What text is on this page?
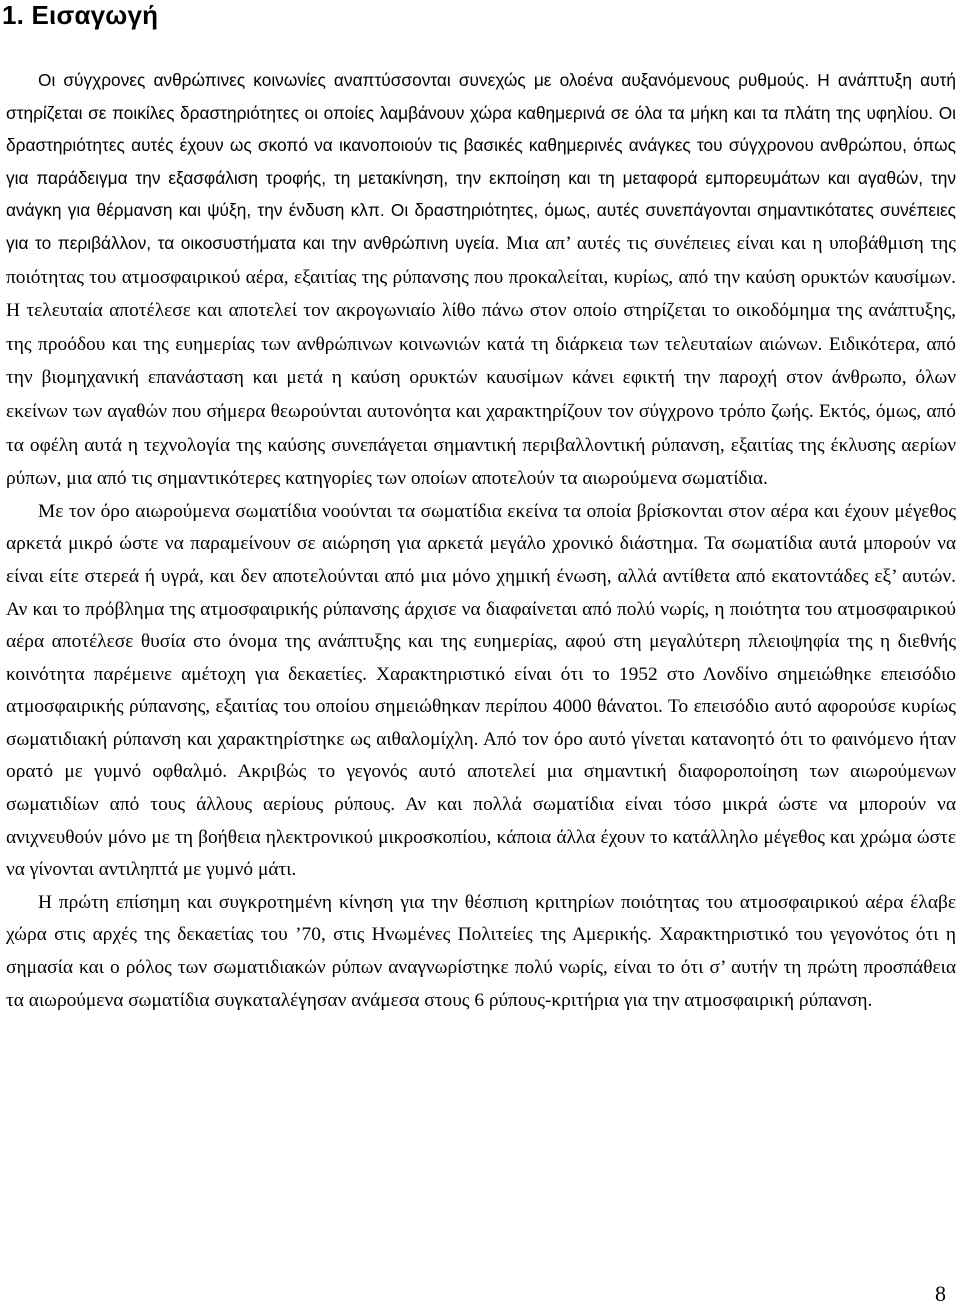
1. Εισαγωγή

Οι σύγχρονες ανθρώπινες κοινωνίες αναπτύσσονται συνεχώς με ολοένα αυξανόμενους ρυθμούς. Η ανάπτυξη αυτή στηρίζεται σε ποικίλες δραστηριότητες οι οποίες λαμβάνουν χώρα καθημερινά σε όλα τα μήκη και τα πλάτη της υφηλίου. Οι δραστηριότητες αυτές έχουν ως σκοπό να ικανοποιούν τις βασικές καθημερινές ανάγκες του σύγχρονου ανθρώπου, όπως για παράδειγμα την εξασφάλιση τροφής, τη μετακίνηση, την εκποίηση και τη μεταφορά εμπορευμάτων και αγαθών, την ανάγκη για θέρμανση και ψύξη, την ένδυση κλπ. Οι δραστηριότητες, όμως, αυτές συνεπάγονται σημαντικότατες συνέπειες για το περιβάλλον, τα οικοσυστήματα και την ανθρώπινη υγεία. Μια απ’ αυτές τις συνέπειες είναι και η υποβάθμιση της ποιότητας του ατμοσφαιρικού αέρα, εξαιτίας της ρύπανσης που προκαλείται, κυρίως, από την καύση ορυκτών καυσίμων. Η τελευταία αποτέλεσε και αποτελεί τον ακρογωνιαίο λίθο πάνω στον οποίο στηρίζεται το οικοδόμημα της ανάπτυξης, της προόδου και της ευημερίας των ανθρώπινων κοινωνιών κατά τη διάρκεια των τελευταίων αιώνων. Ειδικότερα, από την βιομηχανική επανάσταση και μετά η καύση ορυκτών καυσίμων κάνει εφικτή την παροχή στον άνθρωπο, όλων εκείνων των αγαθών που σήμερα θεωρούνται αυτονόητα και χαρακτηρίζουν τον σύγχρονο τρόπο ζωής. Εκτός, όμως, από τα οφέλη αυτά η τεχνολογία της καύσης συνεπάγεται σημαντική περιβαλλοντική ρύπανση, εξαιτίας της έκλυσης αερίων ρύπων, μια από τις σημαντικότερες κατηγορίες των οποίων αποτελούν τα αιωρούμενα σωματίδια.

Με τον όρο αιωρούμενα σωματίδια νοούνται τα σωματίδια εκείνα τα οποία βρίσκονται στον αέρα και έχουν μέγεθος αρκετά μικρό ώστε να παραμείνουν σε αιώρηση για αρκετά μεγάλο χρονικό διάστημα. Τα σωματίδια αυτά μπορούν να είναι είτε στερεά ή υγρά, και δεν αποτελούνται από μια μόνο χημική ένωση, αλλά αντίθετα από εκατοντάδες εξ’ αυτών. Αν και το πρόβλημα της ατμοσφαιρικής ρύπανσης άρχισε να διαφαίνεται από πολύ νωρίς, η ποιότητα του ατμοσφαιρικού αέρα αποτέλεσε θυσία στο όνομα της ανάπτυξης και της ευημερίας, αφού στη μεγαλύτερη πλειοψηφία της η διεθνής κοινότητα παρέμεινε αμέτοχη για δεκαετίες. Χαρακτηριστικό είναι ότι το 1952 στο Λονδίνο σημειώθηκε επεισόδιο ατμοσφαιρικής ρύπανσης, εξαιτίας του οποίου σημειώθηκαν περίπου 4000 θάνατοι. Το επεισόδιο αυτό αφορούσε κυρίως σωματιδιακή ρύπανση και χαρακτηρίστηκε ως αιθαλομίχλη. Από τον όρο αυτό γίνεται κατανοητό ότι το φαινόμενο ήταν ορατό με γυμνό οφθαλμό. Ακριβώς το γεγονός αυτό αποτελεί μια σημαντική διαφοροποίηση των αιωρούμενων σωματιδίων από τους άλλους αερίους ρύπους. Αν και πολλά σωματίδια είναι τόσο μικρά ώστε να μπορούν να ανιχνευθούν μόνο με τη βοήθεια ηλεκτρονικού μικροσκοπίου, κάποια άλλα έχουν το κατάλληλο μέγεθος και χρώμα ώστε να γίνονται αντιληπτά με γυμνό μάτι.

Η πρώτη επίσημη και συγκροτημένη κίνηση για την θέσπιση κριτηρίων ποιότητας του ατμοσφαιρικού αέρα έλαβε χώρα στις αρχές της δεκαετίας του ’70, στις Ηνωμένες Πολιτείες της Αμερικής. Χαρακτηριστικό του γεγονότος ότι η σημασία και ο ρόλος των σωματιδιακών ρύπων αναγνωρίστηκε πολύ νωρίς, είναι το ότι σ’ αυτήν τη πρώτη προσπάθεια τα αιωρούμενα σωματίδια συγκαταλέγησαν ανάμεσα στους 6 ρύπους-κριτήρια για την ατμοσφαιρική ρύπανση.

8
